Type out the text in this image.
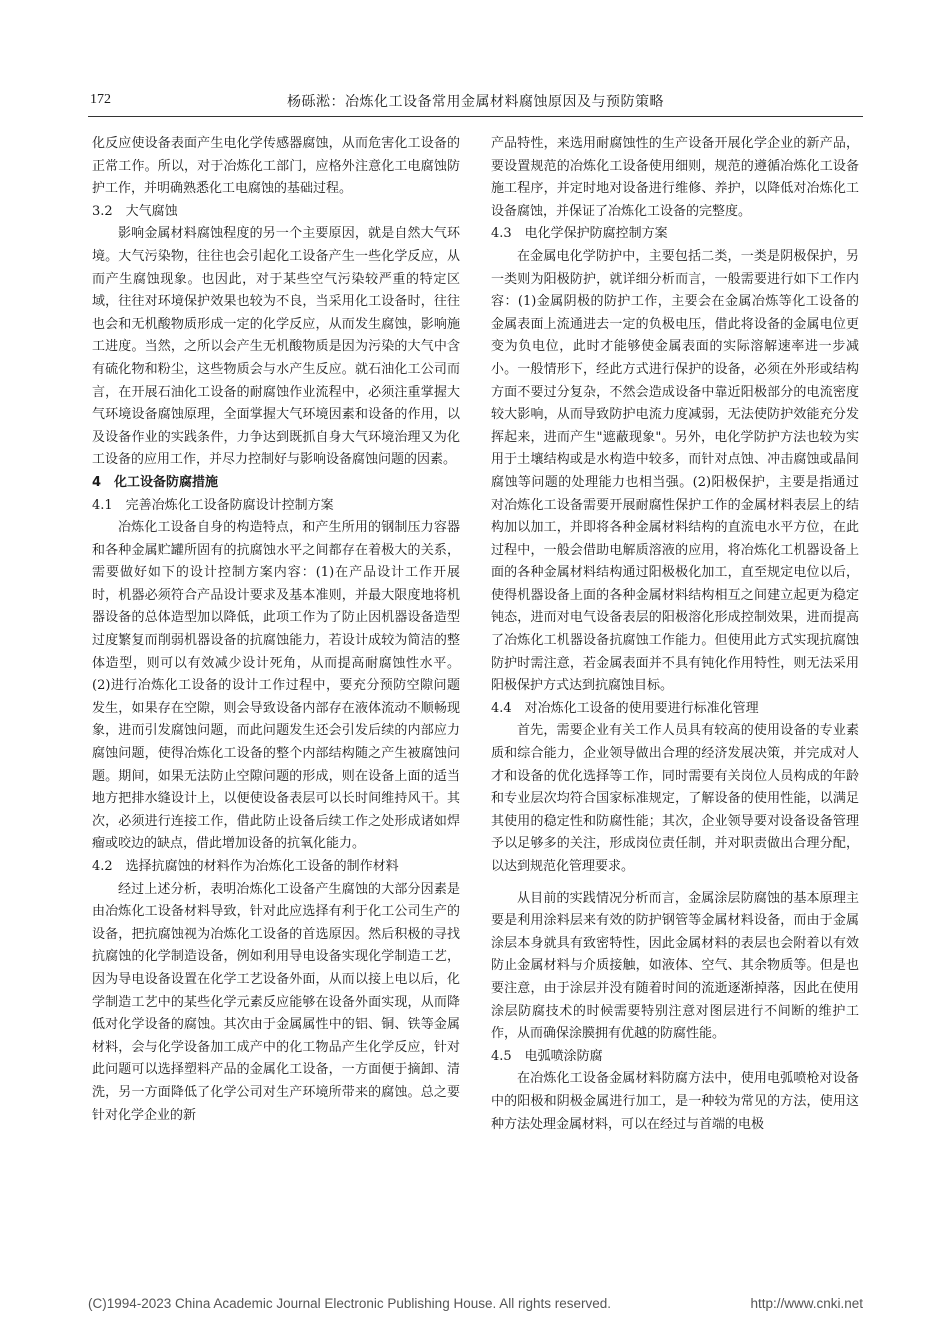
172	杨砾淞：冶炼化工设备常用金属材料腐蚀原因及与预防策略

化反应使设备表面产生电化学传感器腐蚀，从而危害化工设备的正常工作。所以，对于冶炼化工部门，应格外注意化工电腐蚀防护工作，并明确熟悉化工电腐蚀的基础过程。

3.2　大气腐蚀

影响金属材料腐蚀程度的另一个主要原因，就是自然大气环境。大气污染物，往往也会引起化工设备产生一些化学反应，从而产生腐蚀现象。也因此，对于某些空气污染较严重的特定区域，往往对环境保护效果也较为不良，当采用化工设备时，往往也会和无机酸物质形成一定的化学反应，从而发生腐蚀，影响施工进度。当然，之所以会产生无机酸物质是因为污染的大气中含有硫化物和粉尘，这些物质会与水产生反应。就石油化工公司而言，在开展石油化工设备的耐腐蚀作业流程中，必须注重掌握大气环境设备腐蚀原理，全面掌握大气环境因素和设备的作用，以及设备作业的实践条件，力争达到既抓自身大气环境治理又为化工设备的应用工作，并尽力控制好与影响设备腐蚀问题的因素。

4　化工设备防腐措施
4.1　完善冶炼化工设备防腐设计控制方案

冶炼化工设备自身的构造特点，和产生所用的钢制压力容器和各种金属贮罐所固有的抗腐蚀水平之间都存在着极大的关系，需要做好如下的设计控制方案内容：(1)在产品设计工作开展时，机器必须符合产品设计要求及基本准则，并最大限度地将机器设备的总体造型加以降低，此项工作为了防止因机器设备造型过度繁复而削弱机器设备的抗腐蚀能力，若设计成较为简洁的整体造型，则可以有效减少设计死角，从而提高耐腐蚀性水平。(2)进行冶炼化工设备的设计工作过程中，要充分预防空隙问题发生，如果存在空隙，则会导致设备内部存在液体流动不顺畅现象，进而引发腐蚀问题，而此问题发生还会引发后续的内部应力腐蚀问题，使得冶炼化工设备的整个内部结构随之产生被腐蚀问题。期间，如果无法防止空隙问题的形成，则在设备上面的适当地方把排水缝设计上，以便使设备表层可以长时间维持风干。其次，必须进行连接工作，借此防止设备后续工作之处形成诸如焊瘤或咬边的缺点，借此增加设备的抗氧化能力。

4.2　选择抗腐蚀的材料作为冶炼化工设备的制作材料

经过上述分析，表明冶炼化工设备产生腐蚀的大部分因素是由冶炼化工设备材料导致，针对此应选择有利于化工公司生产的设备，把抗腐蚀视为冶炼化工设备的首选原因。然后积极的寻找抗腐蚀的化学制造设备，例如利用导电设备实现化学制造工艺，因为导电设备设置在化学工艺设备外面，从而以接上电以后，化学制造工艺中的某些化学元素反应能够在设备外面实现，从而降低对化学设备的腐蚀。其次由于金属属性中的铝、铜、铁等金属材料，会与化学设备加工成产中的化工物品产生化学反应，针对此问题可以选择塑料产品的金属化工设备，一方面便于摘卸、清洗，另一方面降低了化学公司对生产环境所带来的腐蚀。总之要针对化学企业的新

产品特性，来选用耐腐蚀性的生产设备开展化学企业的新产品，要设置规范的冶炼化工设备使用细则，规范的遵循冶炼化工设备施工程序，并定时地对设备进行维修、养护，以降低对冶炼化工设备腐蚀，并保证了冶炼化工设备的完整度。

4.3　电化学保护防腐控制方案

在金属电化学防护中，主要包括二类，一类是阴极保护，另一类则为阳极防护，就详细分析而言，一般需要进行如下工作内容：(1)金属阴极的防护工作，主要会在金属冶炼等化工设备的金属表面上流通进去一定的负极电压，借此将设备的金属电位更变为负电位，此时才能够使金属表面的实际溶解速率进一步减小。一般情形下，经此方式进行保护的设备，必须在外形或结构方面不要过分复杂，不然会造成设备中靠近阳极部分的电流密度较大影响，从而导致防护电流力度减弱，无法使防护效能充分发挥起来，进而产生"遮蔽现象"。另外，电化学防护方法也较为实用于土壤结构或是水构造中较多，而针对点蚀、冲击腐蚀或晶间腐蚀等问题的处理能力也相当强。(2)阳极保护，主要是指通过对冶炼化工设备需要开展耐腐性保护工作的金属材料表层上的结构加以加工，并即将各种金属材料结构的直流电水平方位，在此过程中，一般会借助电解质溶液的应用，将冶炼化工机器设备上面的各种金属材料结构通过阳极极化加工，直至规定电位以后，使得机器设备上面的各种金属材料结构相互之间建立起更为稳定钝态，进而对电气设备表层的阳极溶化形成控制效果，进而提高了冶炼化工机器设备抗腐蚀工作能力。但使用此方式实现抗腐蚀防护时需注意，若金属表面并不具有钝化作用特性，则无法采用阳极保护方式达到抗腐蚀目标。

4.4　对冶炼化工设备的使用要进行标准化管理

首先，需要企业有关工作人员具有较高的使用设备的专业素质和综合能力，企业领导做出合理的经济发展决策，并完成对人才和设备的优化选择等工作，同时需要有关岗位人员构成的年龄和专业层次均符合国家标准规定，了解设备的使用性能，以满足其使用的稳定性和防腐性能；其次，企业领导要对设备设备管理予以足够多的关注，形成岗位责任制，并对职责做出合理分配，以达到规范化管理要求。

从目前的实践情况分析而言，金属涂层防腐蚀的基本原理主要是利用涂料层来有效的防护钢管等金属材料设备，而由于金属涂层本身就具有致密特性，因此金属材料的表层也会附着以有效防止金属材料与介质接触，如液体、空气、其余物质等。但是也要注意，由于涂层并没有随着时间的流逝逐渐掉落，因此在使用涂层防腐技术的时候需要特别注意对图层进行不间断的维护工作，从而确保涂膜拥有优越的防腐性能。

4.5　电弧喷涂防腐

在冶炼化工设备金属材料防腐方法中，使用电弧喷枪对设备中的阳极和阴极金属进行加工，是一种较为常见的方法，使用这种方法处理金属材料，可以在经过与首端的电极

(C)1994-2023 China Academic Journal Electronic Publishing House. All rights reserved.	http://www.cnki.net
